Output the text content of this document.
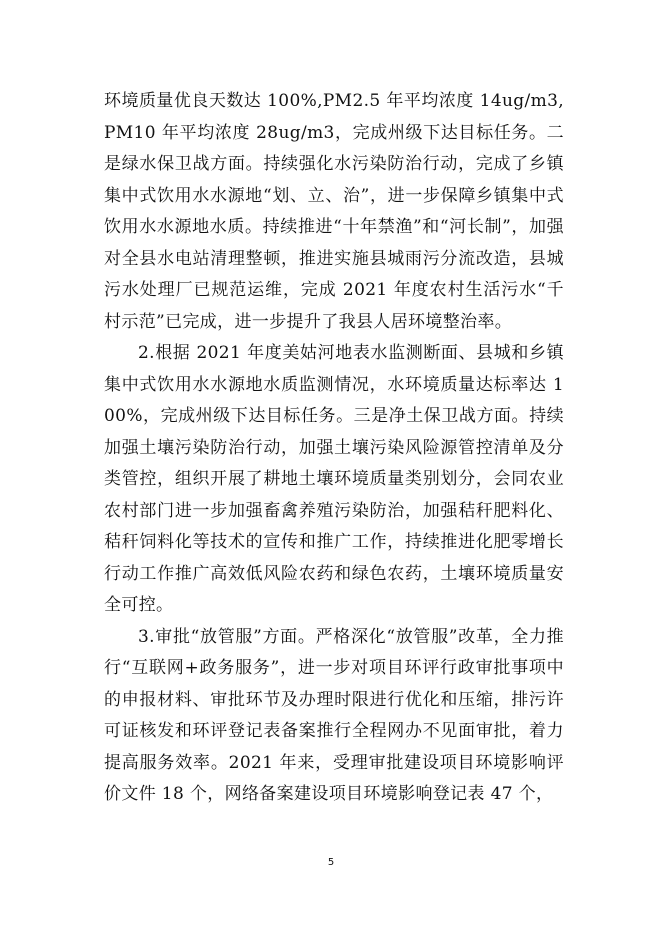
环境质量优良天数达 100%,PM2.5 年平均浓度 14ug/m3,PM10 年平均浓度 28ug/m3，完成州级下达目标任务。二是绿水保卫战方面。持续强化水污染防治行动，完成了乡镇集中式饮用水水源地“划、立、治”，进一步保障乡镇集中式饮用水水源地水质。持续推进“十年禁渔”和“河长制”，加强对全县水电站清理整顿，推进实施县城雨污分流改造，县城污水处理厂已规范运维，完成 2021 年度农村生活污水“千村示范”已完成，进一步提升了我县人居环境整治率。

2.根据 2021 年度美姑河地表水监测断面、县城和乡镇集中式饮用水水源地水质监测情况，水环境质量达标率达 100%，完成州级下达目标任务。三是净土保卫战方面。持续加强土壤污染防治行动，加强土壤污染风险源管控清单及分类管控，组织开展了耕地土壤环境质量类别划分，会同农业农村部门进一步加强畜禽养殖污染防治，加强秸秆肥料化、秸秆饲料化等技术的宣传和推广工作，持续推进化肥零增长行动工作推广高效低风险农药和绿色农药，土壤环境质量安全可控。

3.审批“放管服”方面。严格深化“放管服”改革，全力推行“互联网+政务服务”，进一步对项目环评行政审批事项中的申报材料、审批环节及办理时限进行优化和压缩，排污许可证核发和环评登记表备案推行全程网办不见面审批，着力提高服务效率。2021 年来，受理审批建设项目环境影响评价文件 18 个，网络备案建设项目环境影响登记表 47 个，

5
